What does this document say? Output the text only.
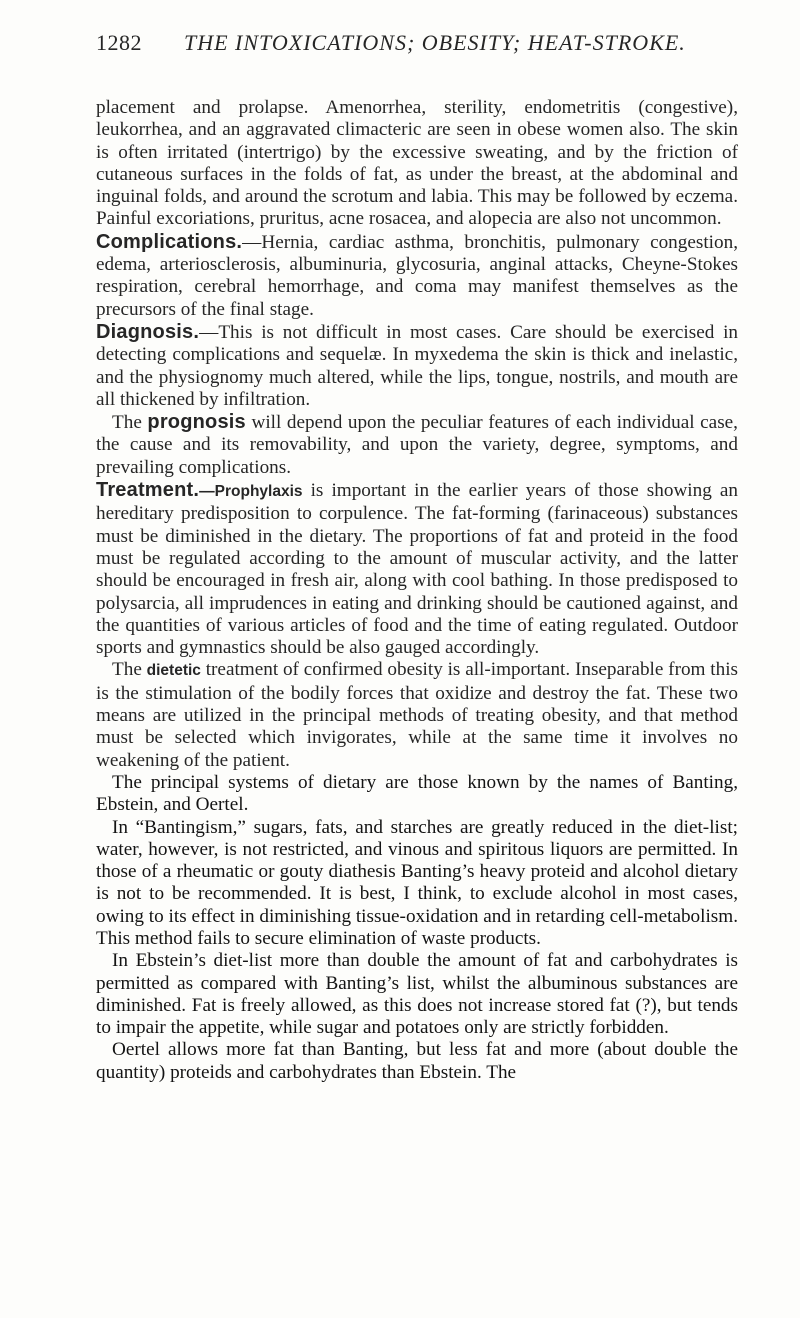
1282 THE INTOXICATIONS; OBESITY; HEAT-STROKE.

placement and prolapse. Amenorrhea, sterility, endometritis (congestive), leukorrhea, and an aggravated climacteric are seen in obese women also. The skin is often irritated (intertrigo) by the excessive sweating, and by the friction of cutaneous surfaces in the folds of fat, as under the breast, at the abdominal and inguinal folds, and around the scrotum and labia. This may be followed by eczema. Painful excoriations, pruritus, acne rosacea, and alopecia are also not uncommon.

Complications.—Hernia, cardiac asthma, bronchitis, pulmonary congestion, edema, arteriosclerosis, albuminuria, glycosuria, anginal attacks, Cheyne-Stokes respiration, cerebral hemorrhage, and coma may manifest themselves as the precursors of the final stage.

Diagnosis.—This is not difficult in most cases. Care should be exercised in detecting complications and sequelæ. In myxedema the skin is thick and inelastic, and the physiognomy much altered, while the lips, tongue, nostrils, and mouth are all thickened by infiltration.

The prognosis will depend upon the peculiar features of each individual case, the cause and its removability, and upon the variety, degree, symptoms, and prevailing complications.

Treatment.—Prophylaxis is important in the earlier years of those showing an hereditary predisposition to corpulence. The fat-forming (farinaceous) substances must be diminished in the dietary. The proportions of fat and proteid in the food must be regulated according to the amount of muscular activity, and the latter should be encouraged in fresh air, along with cool bathing. In those predisposed to polysarcia, all imprudences in eating and drinking should be cautioned against, and the quantities of various articles of food and the time of eating regulated. Outdoor sports and gymnastics should be also gauged accordingly.

The dietetic treatment of confirmed obesity is all-important. Inseparable from this is the stimulation of the bodily forces that oxidize and destroy the fat. These two means are utilized in the principal methods of treating obesity, and that method must be selected which invigorates, while at the same time it involves no weakening of the patient.

The principal systems of dietary are those known by the names of Banting, Ebstein, and Oertel.

In “Bantingism,” sugars, fats, and starches are greatly reduced in the diet-list; water, however, is not restricted, and vinous and spiritous liquors are permitted. In those of a rheumatic or gouty diathesis Banting’s heavy proteid and alcohol dietary is not to be recommended. It is best, I think, to exclude alcohol in most cases, owing to its effect in diminishing tissue-oxidation and in retarding cell-metabolism. This method fails to secure elimination of waste products.

In Ebstein’s diet-list more than double the amount of fat and carbohydrates is permitted as compared with Banting’s list, whilst the albuminous substances are diminished. Fat is freely allowed, as this does not increase stored fat (?), but tends to impair the appetite, while sugar and potatoes only are strictly forbidden.

Oertel allows more fat than Banting, but less fat and more (about double the quantity) proteids and carbohydrates than Ebstein. The
